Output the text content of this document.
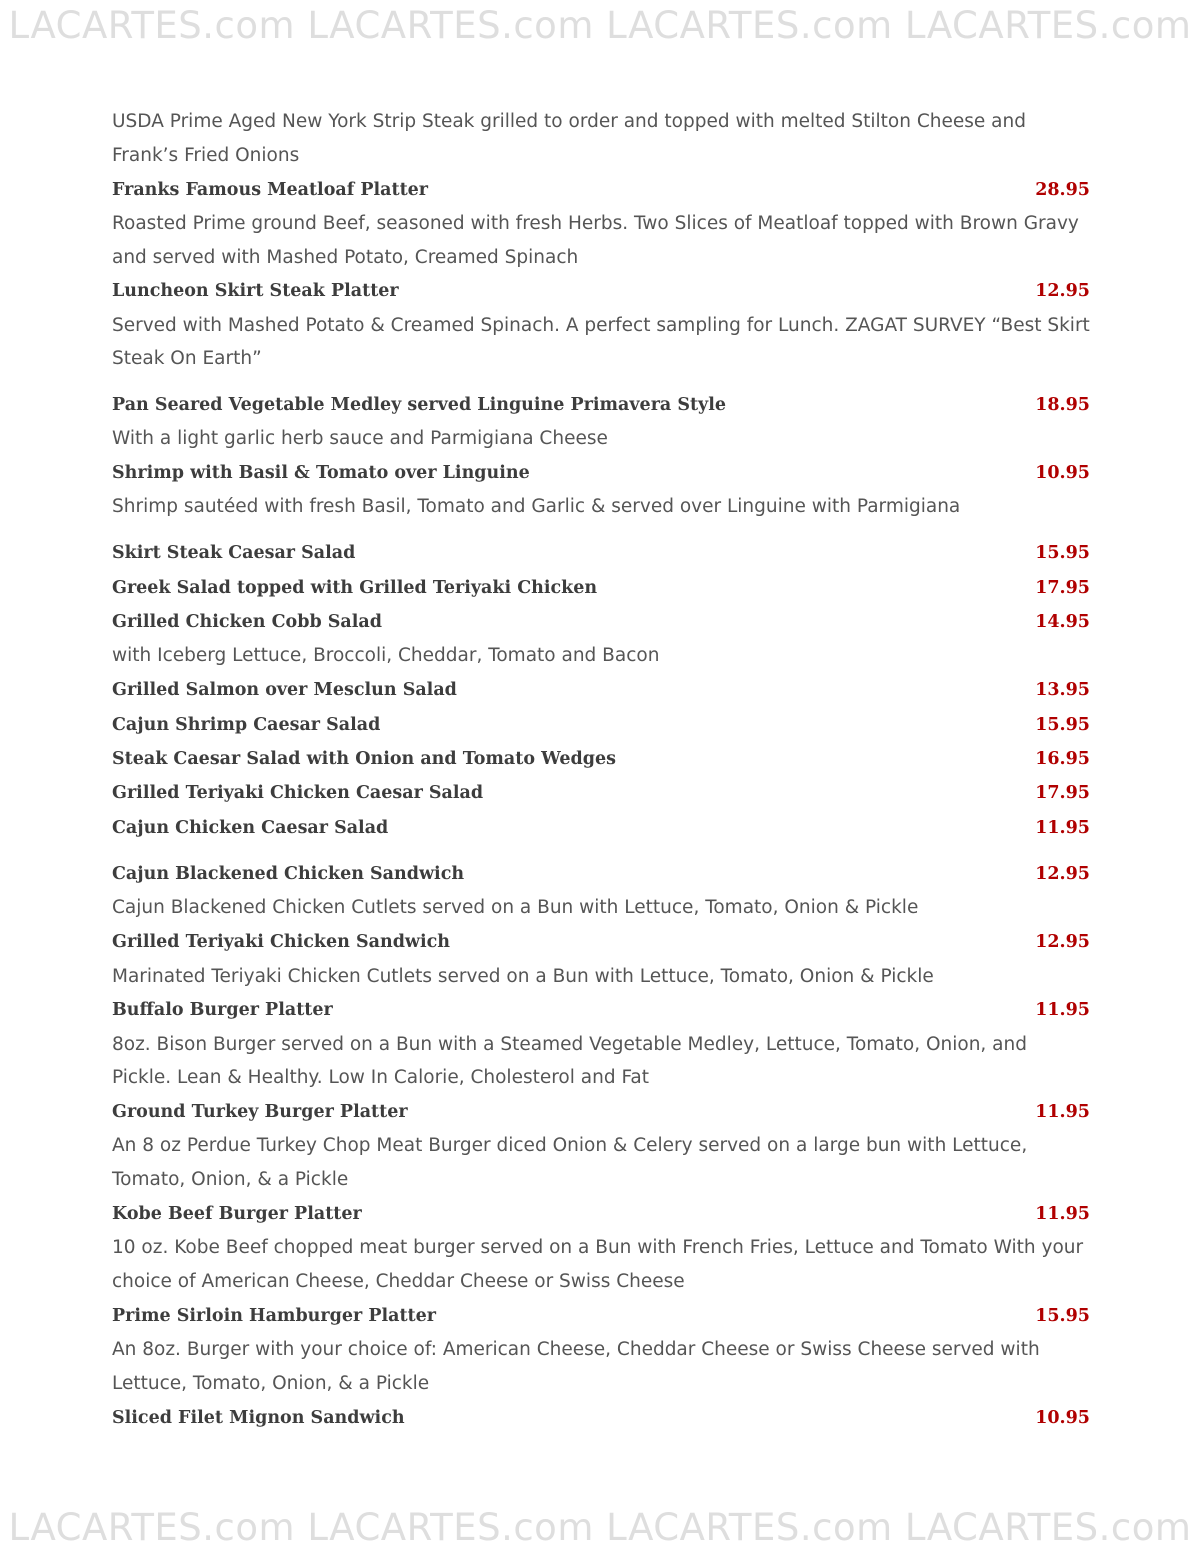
LACARTES.com LACARTES.com LACARTES.com LACARTES.com
USDA Prime Aged New York Strip Steak grilled to order and topped with melted Stilton Cheese and Frank’s Fried Onions
Franks Famous Meatloaf Platter	28.95
Roasted Prime ground Beef, seasoned with fresh Herbs. Two Slices of Meatloaf topped with Brown Gravy and served with Mashed Potato, Creamed Spinach
Luncheon Skirt Steak Platter	12.95
Served with Mashed Potato & Creamed Spinach. A perfect sampling for Lunch. ZAGAT SURVEY “Best Skirt Steak On Earth”
Pan Seared Vegetable Medley served Linguine Primavera Style	18.95
With a light garlic herb sauce and Parmigiana Cheese
Shrimp with Basil & Tomato over Linguine	10.95
Shrimp sautéed with fresh Basil, Tomato and Garlic & served over Linguine with Parmigiana
Skirt Steak Caesar Salad	15.95
Greek Salad topped with Grilled Teriyaki Chicken	17.95
Grilled Chicken Cobb Salad	14.95
with Iceberg Lettuce, Broccoli, Cheddar, Tomato and Bacon
Grilled Salmon over Mesclun Salad	13.95
Cajun Shrimp Caesar Salad	15.95
Steak Caesar Salad with Onion and Tomato Wedges	16.95
Grilled Teriyaki Chicken Caesar Salad	17.95
Cajun Chicken Caesar Salad	11.95
Cajun Blackened Chicken Sandwich	12.95
Cajun Blackened Chicken Cutlets served on a Bun with Lettuce, Tomato, Onion & Pickle
Grilled Teriyaki Chicken Sandwich	12.95
Marinated Teriyaki Chicken Cutlets served on a Bun with Lettuce, Tomato, Onion & Pickle
Buffalo Burger Platter	11.95
8oz. Bison Burger served on a Bun with a Steamed Vegetable Medley, Lettuce, Tomato, Onion, and Pickle. Lean & Healthy. Low In Calorie, Cholesterol and Fat
Ground Turkey Burger Platter	11.95
An 8 oz Perdue Turkey Chop Meat Burger diced Onion & Celery served on a large bun with Lettuce, Tomato, Onion, & a Pickle
Kobe Beef Burger Platter	11.95
10 oz. Kobe Beef chopped meat burger served on a Bun with French Fries, Lettuce and Tomato With your choice of American Cheese, Cheddar Cheese or Swiss Cheese
Prime Sirloin Hamburger Platter	15.95
An 8oz. Burger with your choice of: American Cheese, Cheddar Cheese or Swiss Cheese served with Lettuce, Tomato, Onion, & a Pickle
Sliced Filet Mignon Sandwich	10.95
LACARTES.com LACARTES.com LACARTES.com LACARTES.com
